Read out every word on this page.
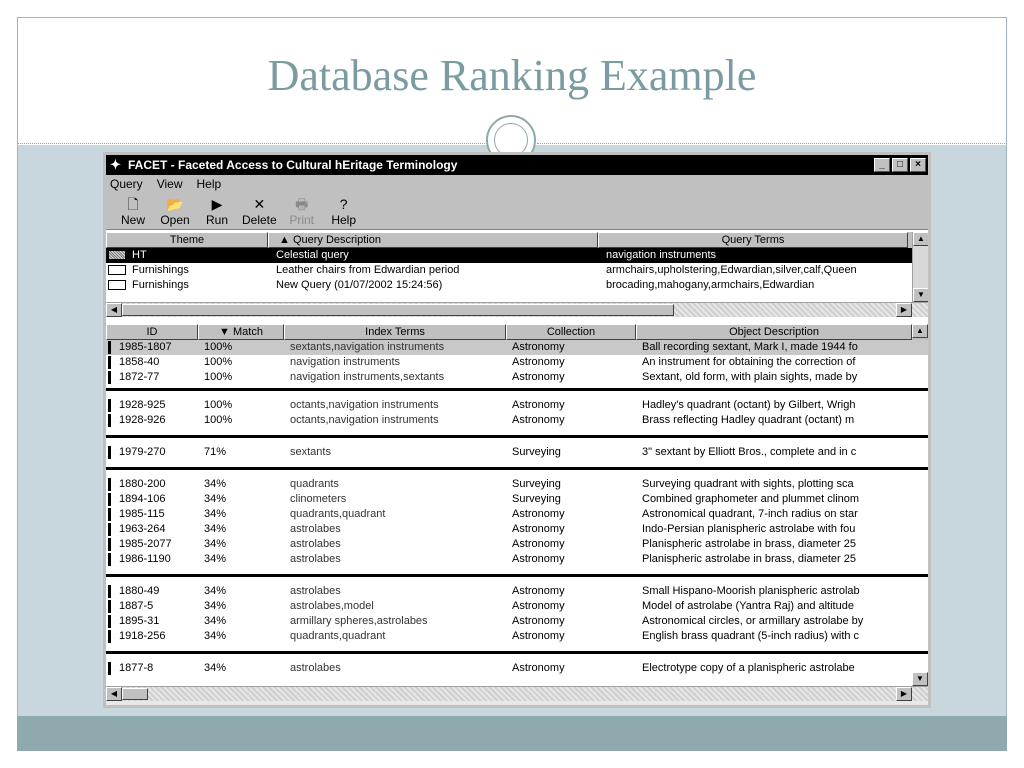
Database Ranking Example
✦ FACET - Faceted Access to Cultural hEritage Terminology	_	□	×
Query View Help
🗋
New
📂
Open
▶
Run
✕
Delete
🖶
Print
?
Help
Theme	▲ Query Description	Query Terms
HT	Celestial query	navigation instruments
Furnishings	Leather chairs from Edwardian period	armchairs,upholstering,Edwardian,silver,calf,Queen
Furnishings	New Query (01/07/2002 15:24:56)	brocading,mahogany,armchairs,Edwardian
▲
▼
◀	▶
ID	▼ Match	Index Terms	Collection	Object Description
1985-1807	100%	sextants,navigation instruments	Astronomy	Ball recording sextant, Mark I, made 1944 fo
1858-40	100%	navigation instruments	Astronomy	An instrument for obtaining the correction of
1872-77	100%	navigation instruments,sextants	Astronomy	Sextant, old form, with plain sights, made by
1928-925	100%	octants,navigation instruments	Astronomy	Hadley's quadrant (octant) by Gilbert, Wrigh
1928-926	100%	octants,navigation instruments	Astronomy	Brass reflecting Hadley quadrant (octant) m
1979-270	71%	sextants	Surveying	3" sextant by Elliott Bros., complete and in c
1880-200	34%	quadrants	Surveying	Surveying quadrant with sights, plotting sca
1894-106	34%	clinometers	Surveying	Combined graphometer and plummet clinom
1985-115	34%	quadrants,quadrant	Astronomy	Astronomical quadrant, 7-inch radius on star
1963-264	34%	astrolabes	Astronomy	Indo-Persian planispheric astrolabe with fou
1985-2077	34%	astrolabes	Astronomy	Planispheric astrolabe in brass, diameter 25
1986-1190	34%	astrolabes	Astronomy	Planispheric astrolabe in brass, diameter 25
1880-49	34%	astrolabes	Astronomy	Small Hispano-Moorish planispheric astrolab
1887-5	34%	astrolabes,model	Astronomy	Model of astrolabe (Yantra Raj) and altitude
1895-31	34%	armillary spheres,astrolabes	Astronomy	Astronomical circles, or armillary astrolabe by
1918-256	34%	quadrants,quadrant	Astronomy	English brass quadrant (5-inch radius) with c
1877-8	34%	astrolabes	Astronomy	Electrotype copy of a planispheric astrolabe
▲
▼
◀	▶
